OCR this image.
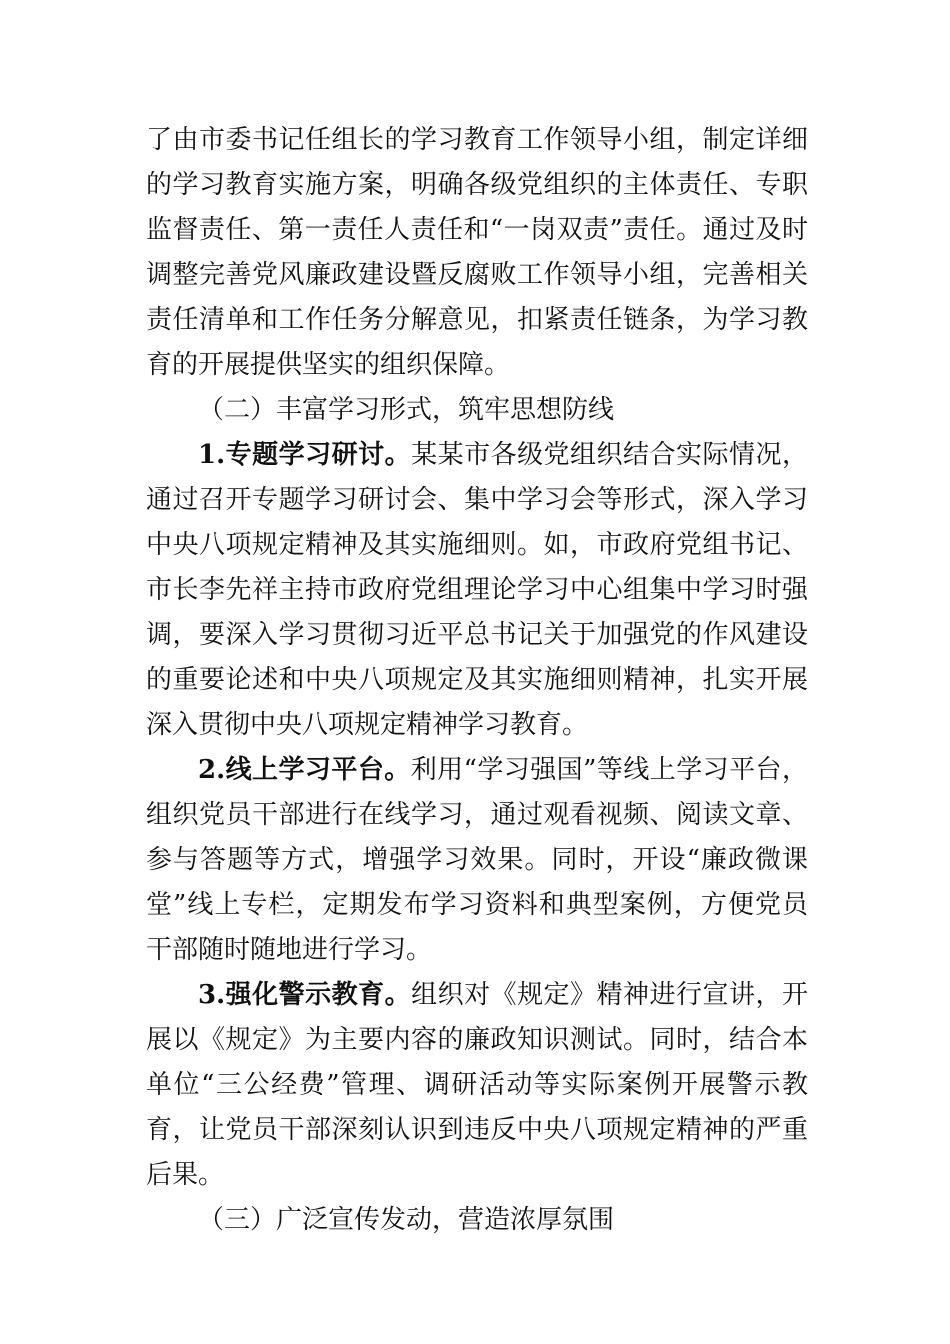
了由市委书记任组长的学习教育工作领导小组，制定详细的学习教育实施方案，明确各级党组织的主体责任、专职监督责任、第一责任人责任和“一岗双责”责任。通过及时调整完善党风廉政建设暨反腐败工作领导小组，完善相关责任清单和工作任务分解意见，扣紧责任链条，为学习教育的开展提供坚实的组织保障。

（二）丰富学习形式，筑牢思想防线

1.专题学习研讨。某某市各级党组织结合实际情况，通过召开专题学习研讨会、集中学习会等形式，深入学习中央八项规定精神及其实施细则。如，市政府党组书记、市长李先祥主持市政府党组理论学习中心组集中学习时强调，要深入学习贯彻习近平总书记关于加强党的作风建设的重要论述和中央八项规定及其实施细则精神，扎实开展深入贯彻中央八项规定精神学习教育。

2.线上学习平台。利用“学习强国”等线上学习平台，组织党员干部进行在线学习，通过观看视频、阅读文章、参与答题等方式，增强学习效果。同时，开设“廉政微课堂”线上专栏，定期发布学习资料和典型案例，方便党员干部随时随地进行学习。

3.强化警示教育。组织对《规定》精神进行宣讲，开展以《规定》为主要内容的廉政知识测试。同时，结合本单位“三公经费”管理、调研活动等实际案例开展警示教育，让党员干部深刻认识到违反中央八项规定精神的严重后果。

（三）广泛宣传发动，营造浓厚氛围
